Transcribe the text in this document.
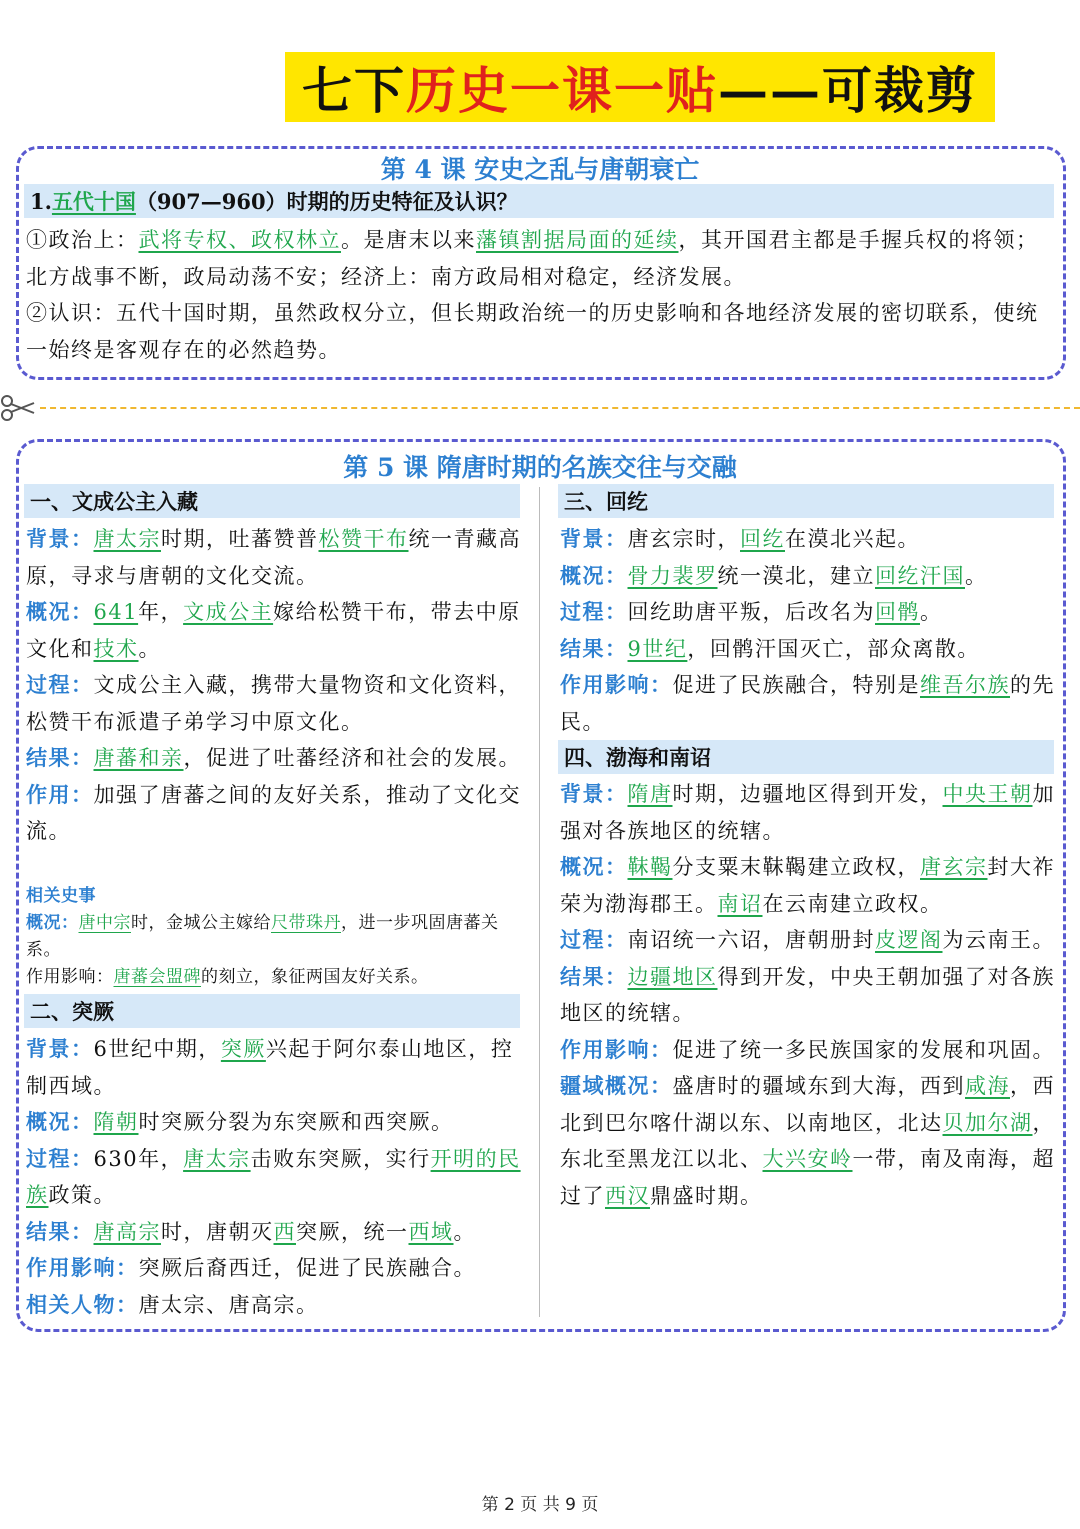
七下历史一课一贴——可裁剪
第 4 课 安史之乱与唐朝衰亡
1. 五代十国 （907—960）时期的历史特征及认识？
①政治上：武将专权、政权林立。是唐末以来藩镇割据局面的延续，其开国君主都是手握兵权的将领；北方战事不断，政局动荡不安；经济上：南方政局相对稳定，经济发展。
②认识：五代十国时期，虽然政权分立，但长期政治统一的历史影响和各地经济发展的密切联系，使统一始终是客观存在的必然趋势。
第 5 课 隋唐时期的名族交往与交融
一、文成公主入藏
背景：唐太宗时期，吐蕃赞普松赞干布统一青藏高原，寻求与唐朝的文化交流。
概况：641年，文成公主嫁给松赞干布，带去中原文化和技术。
过程：文成公主入藏，携带大量物资和文化资料，松赞干布派遣子弟学习中原文化。
结果：唐蕃和亲，促进了吐蕃经济和社会的发展。
作用：加强了唐蕃之间的友好关系，推动了文化交流。
相关史事
概况：唐中宗时，金城公主嫁给尺带珠丹，进一步巩固唐蕃关系。
作用影响：唐蕃会盟碑的刻立，象征两国友好关系。
二、突厥
背景：6世纪中期，突厥兴起于阿尔泰山地区，控制西域。
概况：隋朝时突厥分裂为东突厥和西突厥。
过程：630年，唐太宗击败东突厥，实行开明的民族政策。
结果：唐高宗时，唐朝灭西突厥，统一西域。
作用影响：突厥后裔西迁，促进了民族融合。
相关人物：唐太宗、唐高宗。
三、回纥
背景：唐玄宗时，回纥在漠北兴起。
概况：骨力裴罗统一漠北，建立回纥汗国。
过程：回纥助唐平叛，后改名为回鹘。
结果：9世纪，回鹘汗国灭亡，部众离散。
作用影响：促进了民族融合，特别是维吾尔族的先民。
四、渤海和南诏
背景：隋唐时期，边疆地区得到开发，中央王朝加强对各族地区的统辖。
概况：靺鞨分支粟末靺鞨建立政权，唐玄宗封大祚荣为渤海郡王。南诏在云南建立政权。
过程：南诏统一六诏，唐朝册封皮逻阁为云南王。
结果：边疆地区得到开发，中央王朝加强了对各族地区的统辖。
作用影响：促进了统一多民族国家的发展和巩固。
疆域概况：盛唐时的疆域东到大海，西到咸海，西北到巴尔喀什湖以东、以南地区，北达贝加尔湖，东北至黑龙江以北、大兴安岭一带，南及南海，超过了西汉鼎盛时期。
第 2 页 共 9 页
